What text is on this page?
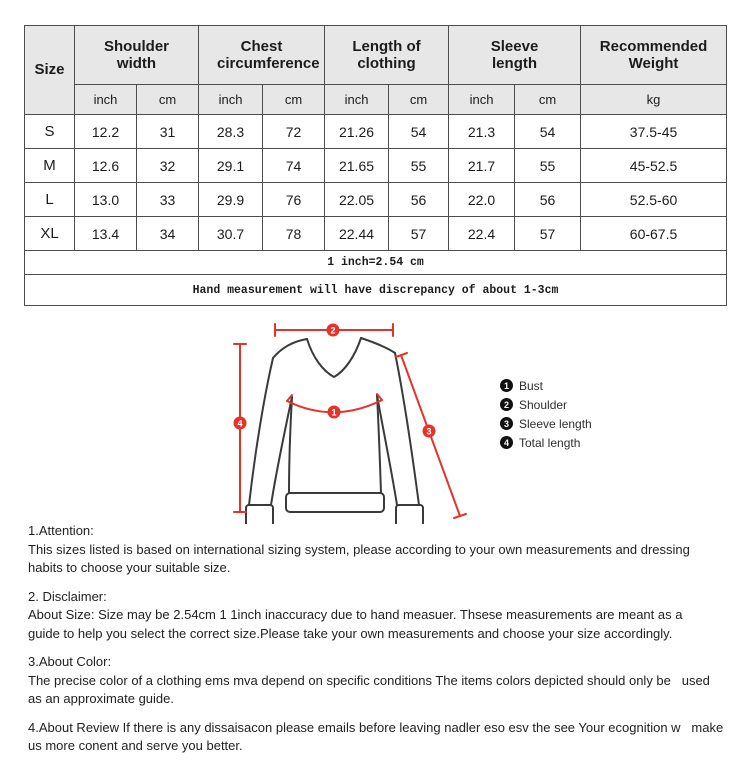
Size	Shoulder width		Chest circumference		Length of clothing		Sleeve length		Recommended Weight
	inch	cm	inch	cm	inch	cm	inch	cm	kg
S	12.2	31	28.3	72	21.26	54	21.3	54	37.5-45
M	12.6	32	29.1	74	21.65	55	21.7	55	45-52.5
L	13.0	33	29.9	76	22.05	56	22.0	56	52.5-60
XL	13.4	34	30.7	78	22.44	57	22.4	57	60-67.5
1 inch=2.54 cm									
Hand measurement will have discrepancy of about 1-3cm									
2
4
1
3
1 Bust
2 Shoulder
3 Sleeve length
4 Total length

1.Attention:

This sizes listed is based on international sizing system, please according to your own measurements and dressing   habits to choose your suitable size.

2. Disclaimer:

About Size: Size may be 2.54cm 1 1inch inaccuracy due to hand measuer. Thsese measurements are meant as a   guide to help you select the correct size.Please take your own measurements and choose your size accordingly.

3.About Color:

The precise color of a clothing ems mva depend on specific conditions The items colors depicted should only be   used as an approximate guide.

4.About Review If there is any dissaisacon please emails before leaving nadler eso esv the see Your ecognition w   make us more conent and serve you better.
